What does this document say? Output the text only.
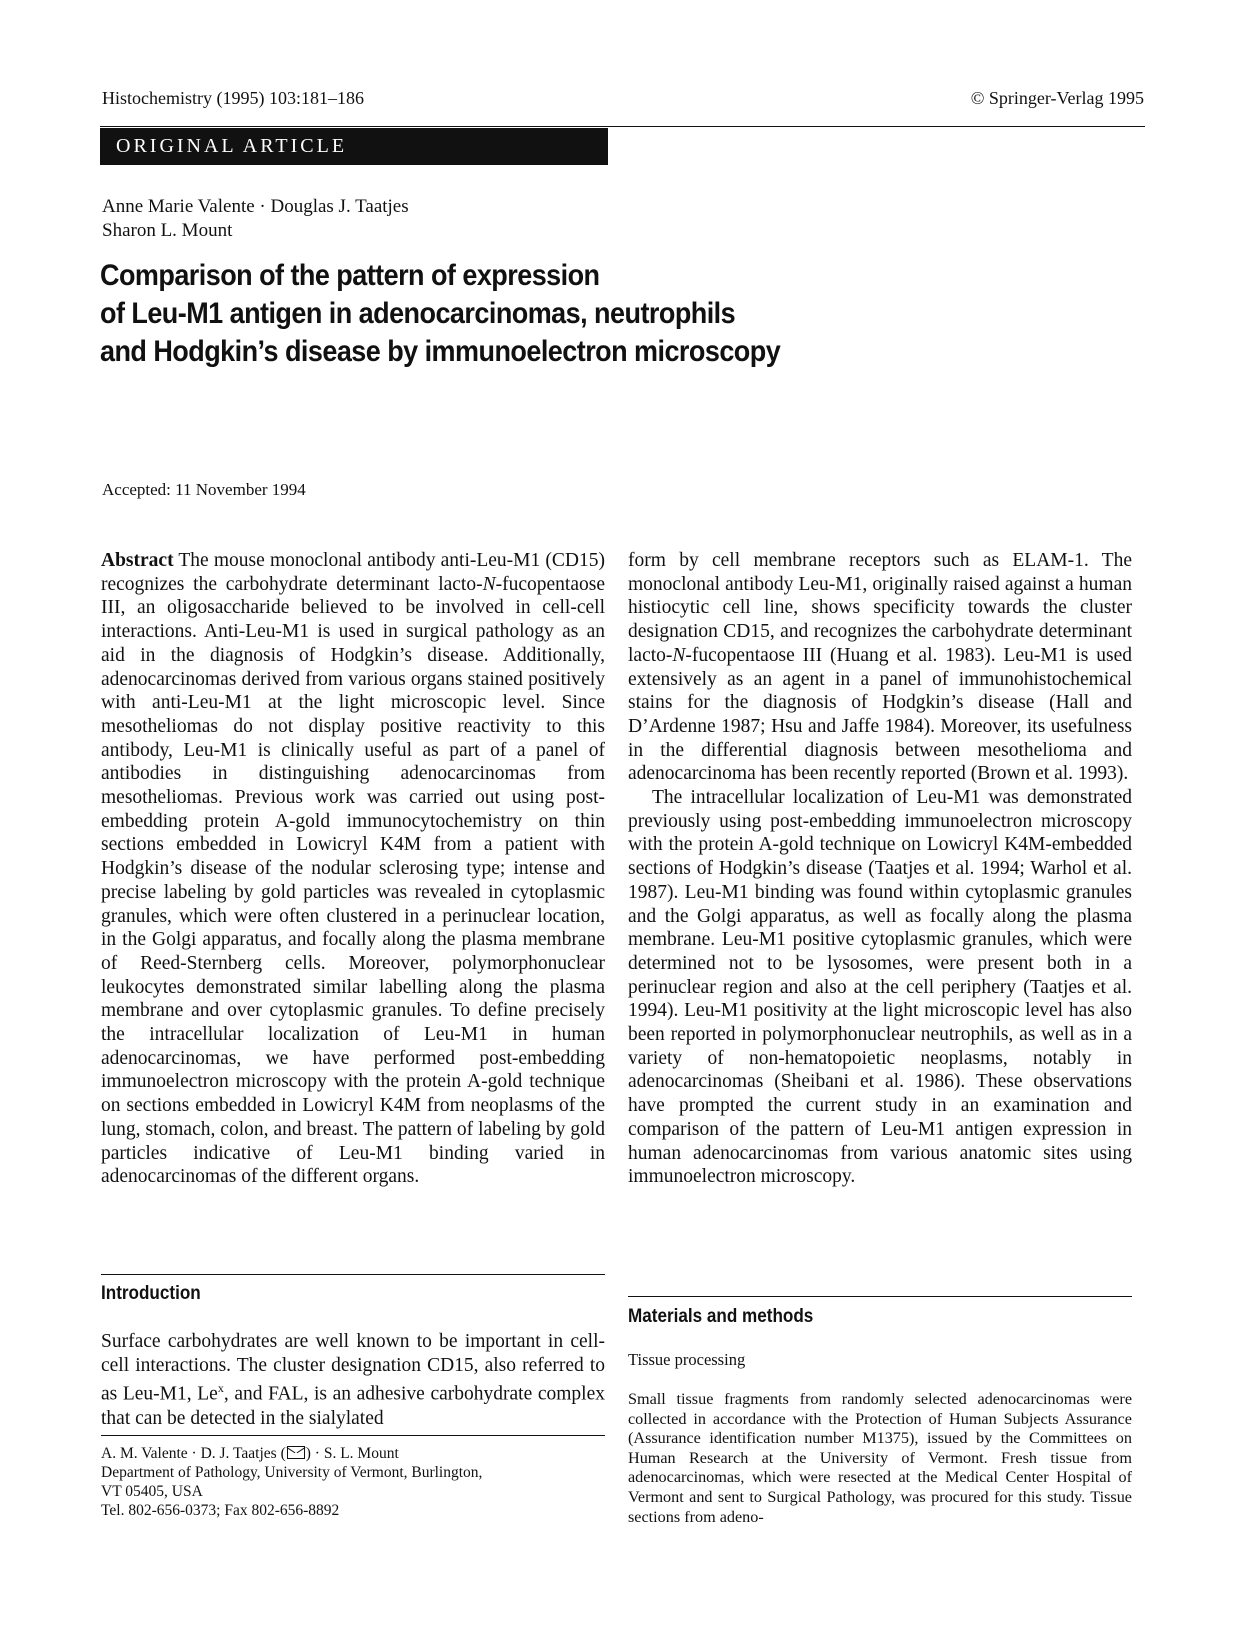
Histochemistry (1995) 103:181–186	© Springer-Verlag 1995
ORIGINAL ARTICLE
Anne Marie Valente · Douglas J. Taatjes
Sharon L. Mount
Comparison of the pattern of expression
of Leu-M1 antigen in adenocarcinomas, neutrophils
and Hodgkin’s disease by immunoelectron microscopy
Accepted: 11 November 1994

Abstract The mouse monoclonal antibody anti-Leu-M1 (CD15) recognizes the carbohydrate determinant lacto-N-fucopentaose III, an oligosaccharide believed to be involved in cell-cell interactions. Anti-Leu-M1 is used in surgical pathology as an aid in the diagnosis of Hodgkin’s disease. Additionally, adenocarcinomas derived from various organs stained positively with anti-Leu-M1 at the light microscopic level. Since mesotheliomas do not display positive reactivity to this antibody, Leu-M1 is clinically useful as part of a panel of antibodies in distinguishing adenocarcinomas from mesotheliomas. Previous work was carried out using post-embedding protein A-gold immunocytochemistry on thin sections embedded in Lowicryl K4M from a patient with Hodgkin’s disease of the nodular sclerosing type; intense and precise labeling by gold particles was revealed in cytoplasmic granules, which were often clustered in a perinuclear location, in the Golgi apparatus, and focally along the plasma membrane of Reed-Sternberg cells. Moreover, polymorphonuclear leukocytes demonstrated similar labelling along the plasma membrane and over cytoplasmic granules. To define precisely the intracellular localization of Leu-M1 in human adenocarcinomas, we have performed post-embedding immunoelectron microscopy with the protein A-gold technique on sections embedded in Lowicryl K4M from neoplasms of the lung, stomach, colon, and breast. The pattern of labeling by gold particles indicative of Leu-M1 binding varied in adenocarcinomas of the different organs.

Introduction

Surface carbohydrates are well known to be important in cell-cell interactions. The cluster designation CD15, also referred to as Leu-M1, Le$^x$, and FAL, is an adhesive carbohydrate complex that can be detected in the sialylated

A. M. Valente · D. J. Taatjes ( ) · S. L. Mount
Department of Pathology, University of Vermont, Burlington,
VT 05405, USA
Tel. 802-656-0373; Fax 802-656-8892

form by cell membrane receptors such as ELAM-1. The monoclonal antibody Leu-M1, originally raised against a human histiocytic cell line, shows specificity towards the cluster designation CD15, and recognizes the carbohydrate determinant lacto-N-fucopentaose III (Huang et al. 1983). Leu-M1 is used extensively as an agent in a panel of immunohistochemical stains for the diagnosis of Hodgkin’s disease (Hall and D’Ardenne 1987; Hsu and Jaffe 1984). Moreover, its usefulness in the differential diagnosis between mesothelioma and adenocarcinoma has been recently reported (Brown et al. 1993).

The intracellular localization of Leu-M1 was demonstrated previously using post-embedding immunoelectron microscopy with the protein A-gold technique on Lowicryl K4M-embedded sections of Hodgkin’s disease (Taatjes et al. 1994; Warhol et al. 1987). Leu-M1 binding was found within cytoplasmic granules and the Golgi apparatus, as well as focally along the plasma membrane. Leu-M1 positive cytoplasmic granules, which were determined not to be lysosomes, were present both in a perinuclear region and also at the cell periphery (Taatjes et al. 1994). Leu-M1 positivity at the light microscopic level has also been reported in polymorphonuclear neutrophils, as well as in a variety of non-hematopoietic neoplasms, notably in adenocarcinomas (Sheibani et al. 1986). These observations have prompted the current study in an examination and comparison of the pattern of Leu-M1 antigen expression in human adenocarcinomas from various anatomic sites using immunoelectron microscopy.

Materials and methods
Tissue processing

Small tissue fragments from randomly selected adenocarcinomas were collected in accordance with the Protection of Human Subjects Assurance (Assurance identification number M1375), issued by the Committees on Human Research at the University of Vermont. Fresh tissue from adenocarcinomas, which were resected at the Medical Center Hospital of Vermont and sent to Surgical Pathology, was procured for this study. Tissue sections from adeno-
